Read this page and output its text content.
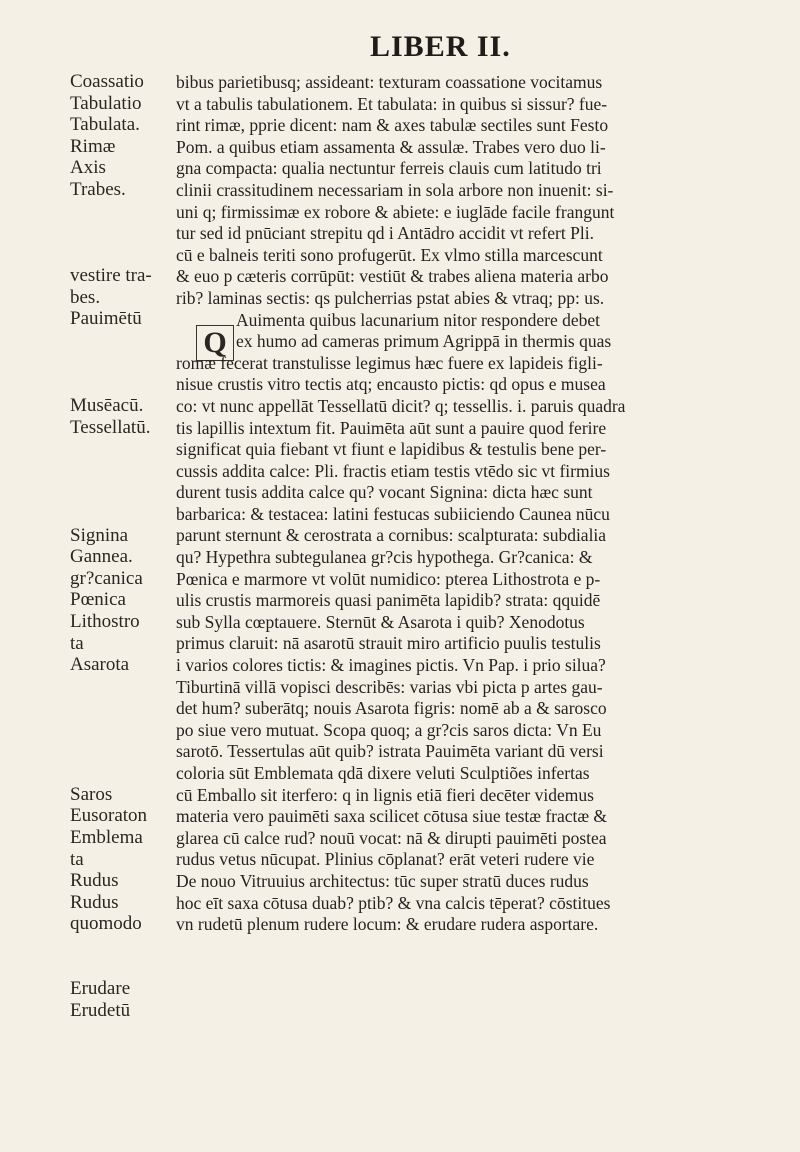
LIBER II.
Coassatio
Tabulatio
Tabulata.
Rimæ
Axis
Trabes.
vestire tra-
bes.
Pauimētū
Musēacū.
Tessellatū.
Signina
Gannea.
gr?canica
Pœnica
Lithostro
ta
Asarota
Saros
Eusoraton
Emblema
ta
Rudus
Rudus
quomodo
Erudare
Erudetū
Q
bibus parietibusq; assideant: texturam coassatione vocitamus
vt a tabulis tabulationem. Et tabulata: in quibus si sissur? fue-
rint rimæ, pprie dicent: nam & axes tabulæ sectiles sunt Festo
Pom. a quibus etiam assamenta & assulæ. Trabes vero duo li-
gna compacta: qualia nectuntur ferreis clauis cum latitudo tri
clinii crassitudinem necessariam in sola arbore non inuenit: si-
uni q; firmissimæ ex robore & abiete: e iuglāde facile frangunt
tur sed id pnūciant strepitu qd i Antādro accidit vt refert Pli.
cū e balneis teriti sono profugerūt. Ex vlmo stilla marcescunt
& euo p cæteris corrūpūt: vestiūt & trabes aliena materia arbo
rib? laminas sectis: qs pulcherrias pstat abies & vtraq; pp: us.
Auimenta quibus lacunarium nitor respondere debet
ex humo ad cameras primum Agrippā in thermis quas
romæ fecerat transtulisse legimus hæc fuere ex lapideis figli-
nisue crustis vitro tectis atq; encausto pictis: qd opus e musea
co: vt nunc appellāt Tessellatū dicit? q; tessellis. i. paruis quadra
tis lapillis intextum fit. Pauimēta aūt sunt a pauire quod ferire
significat quia fiebant vt fiunt e lapidibus & testulis bene per-
cussis addita calce: Pli. fractis etiam testis vtēdo sic vt firmius
durent tusis addita calce qu? vocant Signina: dicta hæc sunt
barbarica: & testacea: latini festucas subiiciendo Caunea nūcu
parunt sternunt & cerostrata a cornibus: scalpturata: subdialia
qu? Hypethra subtegulanea gr?cis hypothega. Gr?canica: &
Pœnica e marmore vt volūt numidico: ptereа Lithostrota e p-
ulis crustis marmoreis quasi panimēta lapidib? strata: qquidē
sub Sylla cœptauere. Sternūt & Asarota i quib? Xenodotus
primus claruit: nā asarotū strauit miro artificio puulis testulis
i varios colores tictis: & imagines pictis. Vn Pap. i prio silua?
Tiburtinā villā vopisci describēs: varias vbi picta p artes gau-
det hum? suberātq; nouis Asarota figris: nomē ab a & sarosco
po siue vero mutuat. Scopa quoq; a gr?cis saros dicta: Vn Eu
sarotō. Tessertulas aūt quib? istrata Pauimēta variant dū versi
coloria sūt Emblemata qdā dixere veluti Sculptiões infertas
cū Emballo sit iterfero: q in lignis etiā fieri decēter videmus
materia vero pauimēti saxa scilicet cōtusa siue testæ fractæ &
glarea cū calce rud? nouū vocat: nā & dirupti pauimēti postea
rudus vetus nūcupat. Plinius cōplanat? erāt veteri rudere vie
De nouo Vitruuius architectus: tūc super stratū duces rudus
hoc eīt saxa cōtusa duab? ptib? & vna calcis tēperat? cōstitues
vn rudetū plenum rudere locum: & erudare rudera asportare.
